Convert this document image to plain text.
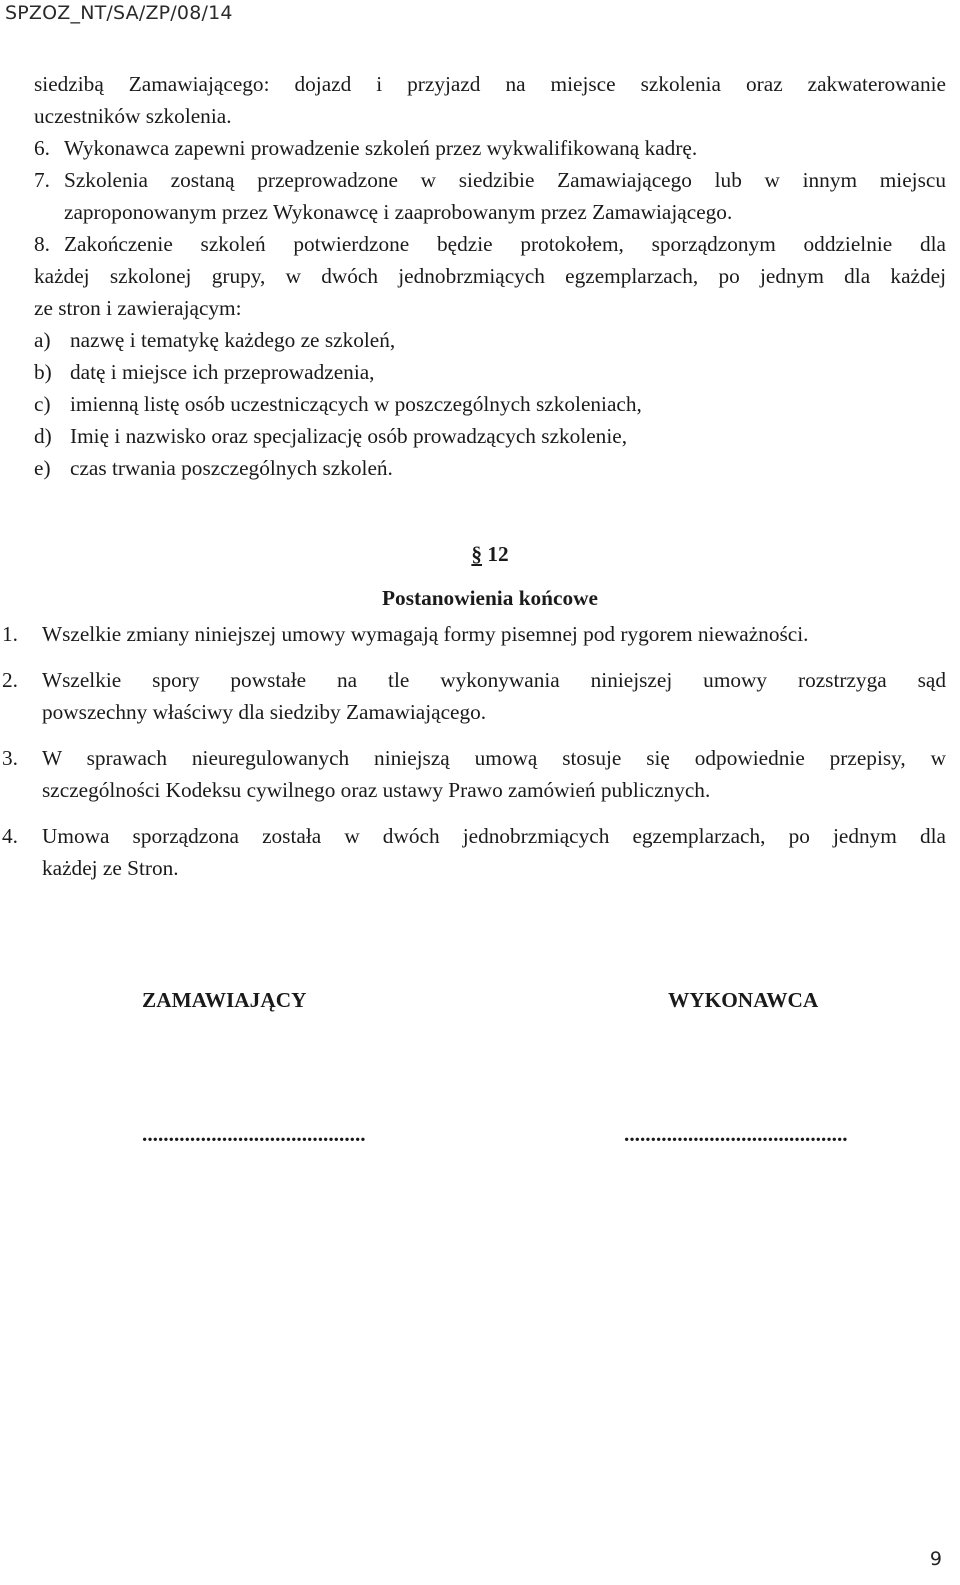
SPZOZ_NT/SA/ZP/08/14
siedzibą Zamawiającego: dojazd i przyjazd na miejsce szkolenia oraz zakwaterowanie
uczestników szkolenia.
6. Wykonawca zapewni prowadzenie szkoleń przez wykwalifikowaną kadrę.
7. Szkolenia zostaną przeprowadzone w siedzibie Zamawiającego lub w innym miejscu
zaproponowanym przez Wykonawcę i zaaprobowanym przez Zamawiającego.
8. Zakończenie szkoleń potwierdzone będzie protokołem, sporządzonym oddzielnie dla
każdej szkolonej grupy, w dwóch jednobrzmiących egzemplarzach, po jednym dla każdej
ze stron i zawierającym:
a) nazwę i tematykę każdego ze szkoleń,
b) datę i miejsce ich przeprowadzenia,
c) imienną listę osób uczestniczących w poszczególnych szkoleniach,
d) Imię i nazwisko oraz specjalizację osób prowadzących szkolenie,
e) czas trwania poszczególnych szkoleń.
§ 12
Postanowienia końcowe
1.	Wszelkie zmiany niniejszej umowy wymagają formy pisemnej pod rygorem nieważności.
2.	Wszelkie spory powstałe na tle wykonywania niniejszej umowy rozstrzyga sąd
powszechny właściwy dla siedziby Zamawiającego.
3.	W sprawach nieuregulowanych niniejszą umową stosuje się odpowiednie przepisy, w
szczególności Kodeksu cywilnego oraz ustawy Prawo zamówień publicznych.
4.	Umowa sporządzona została w dwóch jednobrzmiących egzemplarzach, po jednym dla
każdej ze Stron.
ZAMAWIAJĄCY	WYKONAWCA
..........................................	..........................................
9
